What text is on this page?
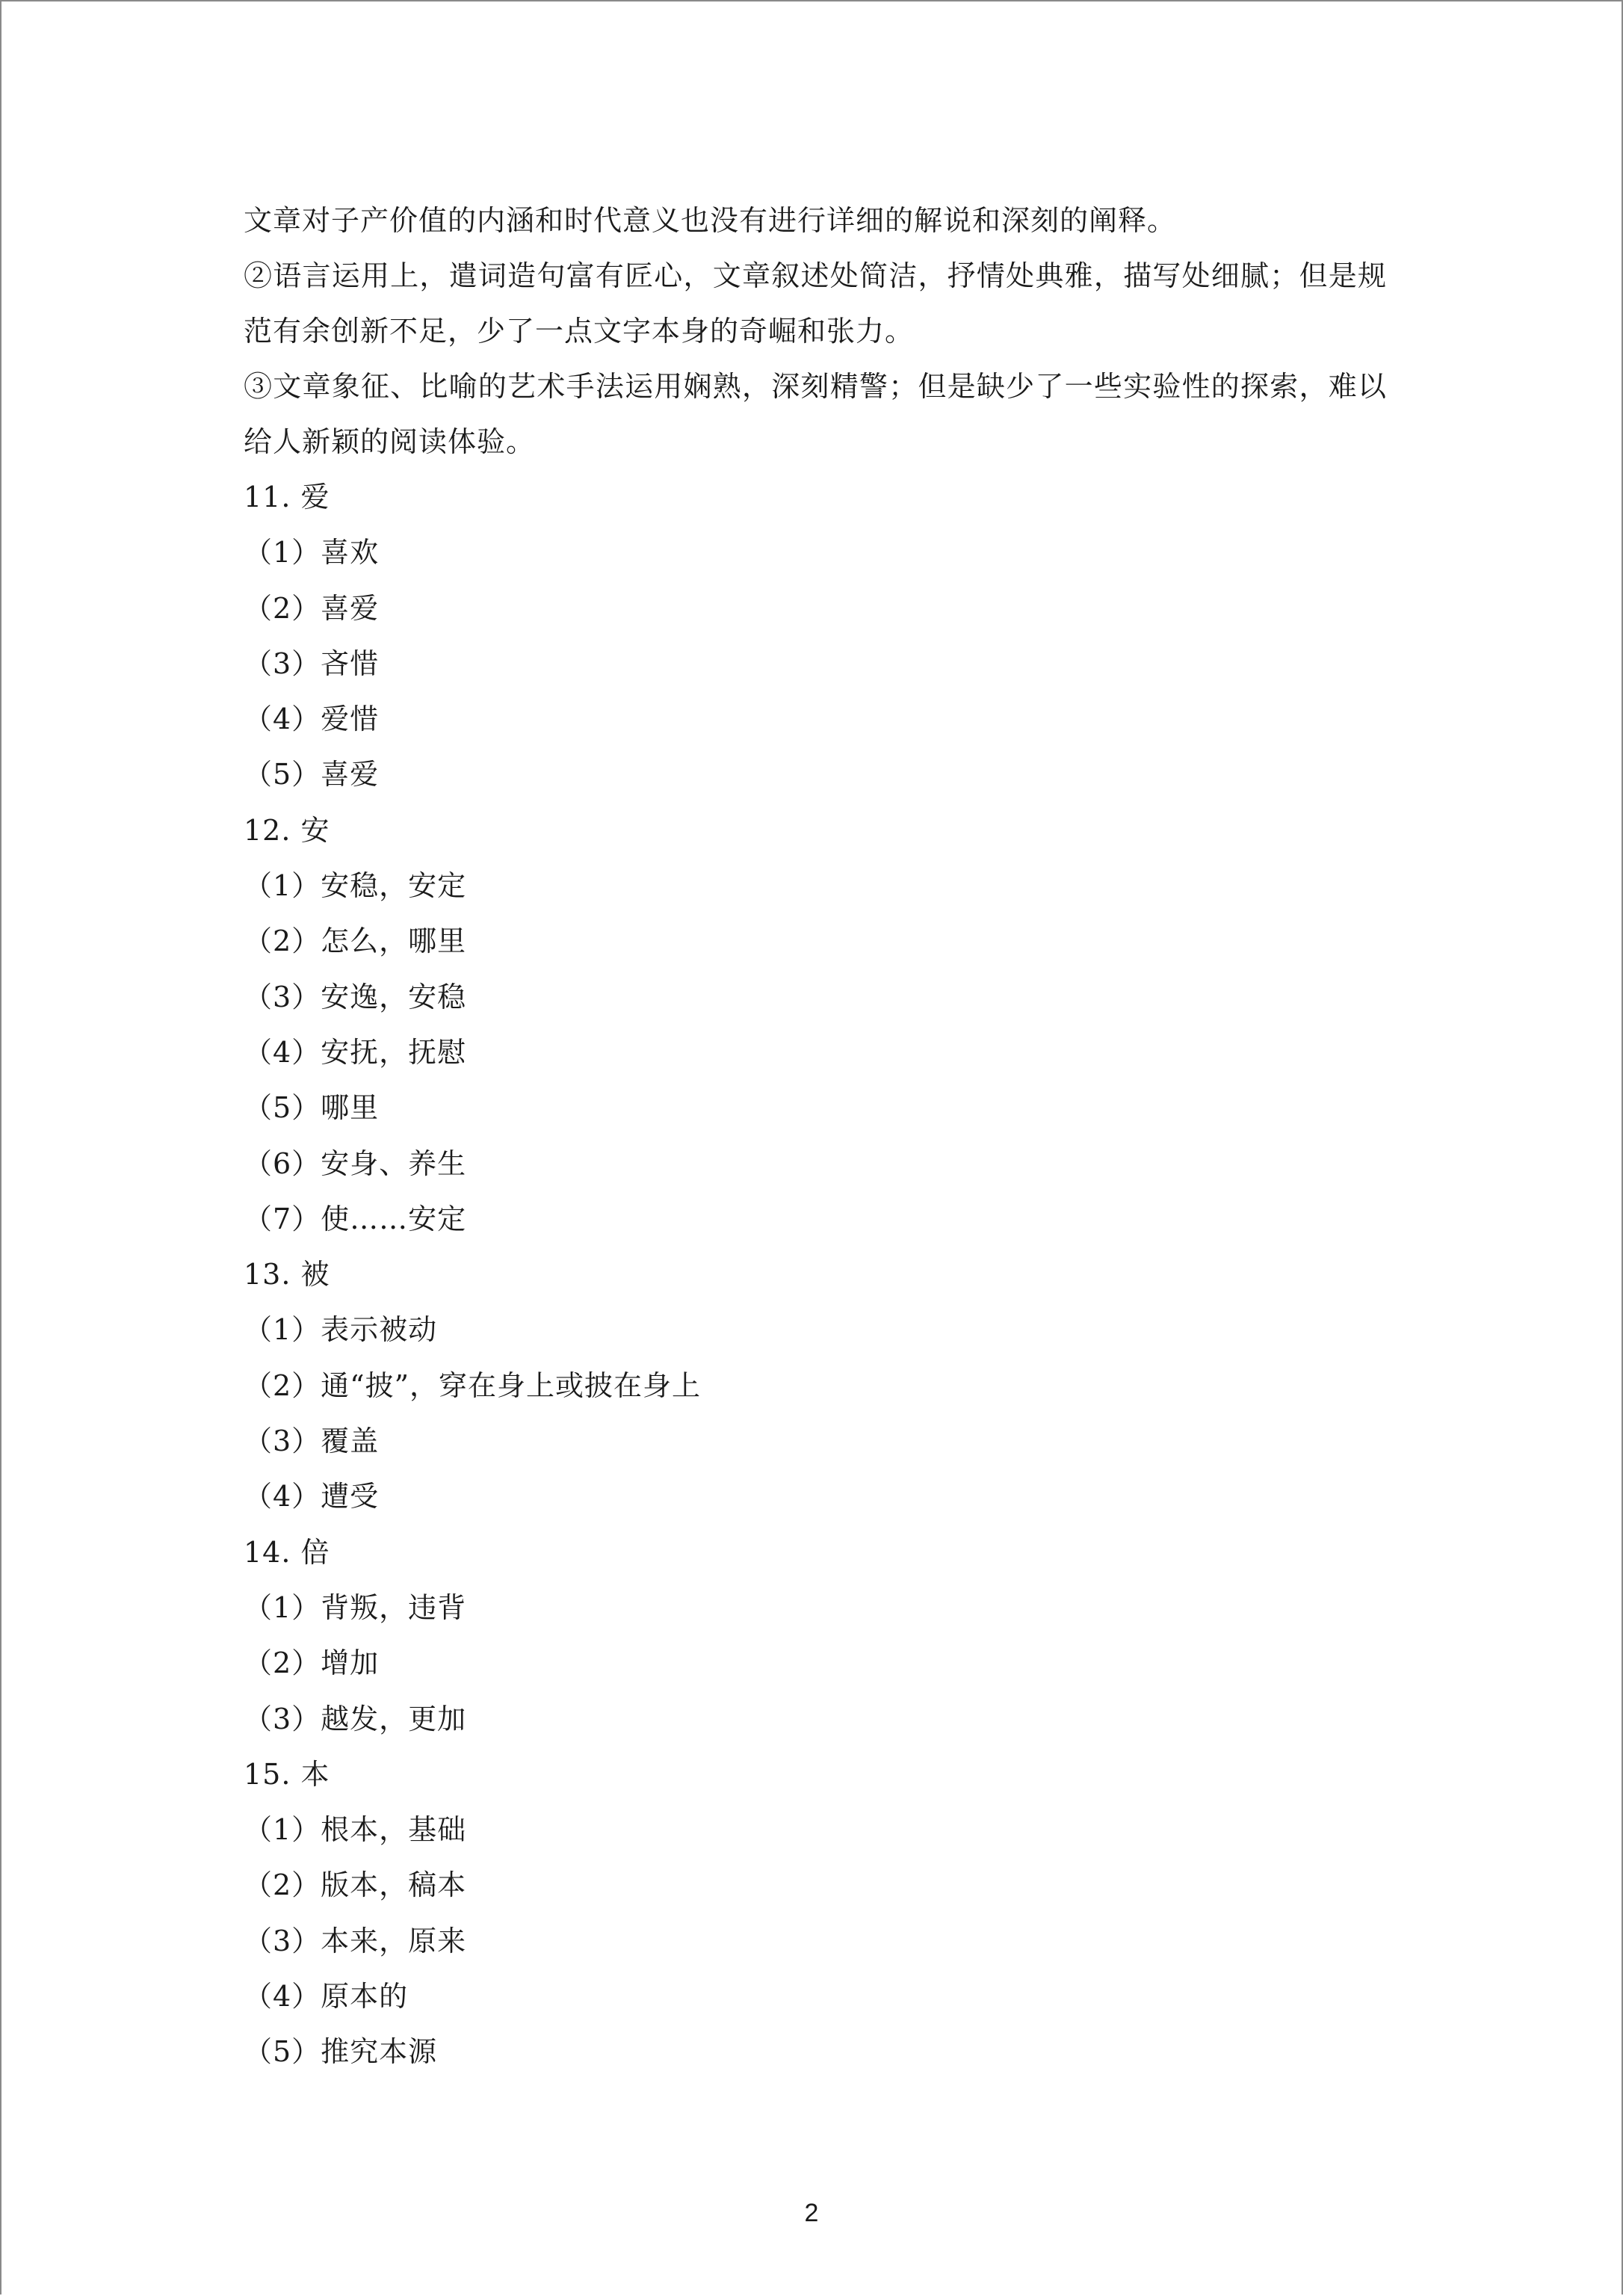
文章对子产价值的内涵和时代意义也没有进行详细的解说和深刻的阐释。

②语言运用上，遣词造句富有匠心，文章叙述处简洁，抒情处典雅，描写处细腻；但是规范有余创新不足，少了一点文字本身的奇崛和张力。

③文章象征、比喻的艺术手法运用娴熟，深刻精警；但是缺少了一些实验性的探索，难以给人新颖的阅读体验。

11. 爱
（1）喜欢
（2）喜爱
（3）吝惜
（4）爱惜
（5）喜爱
12. 安
（1）安稳，安定
（2）怎么，哪里
（3）安逸，安稳
（4）安抚，抚慰
（5）哪里
（6）安身、养生
（7）使……安定
13. 被
（1）表示被动
（2）通“披”，穿在身上或披在身上
（3）覆盖
（4）遭受
14. 倍
（1）背叛，违背
（2）增加
（3）越发，更加
15. 本
（1）根本，基础
（2）版本，稿本
（3）本来，原来
（4）原本的
（5）推究本源
2
